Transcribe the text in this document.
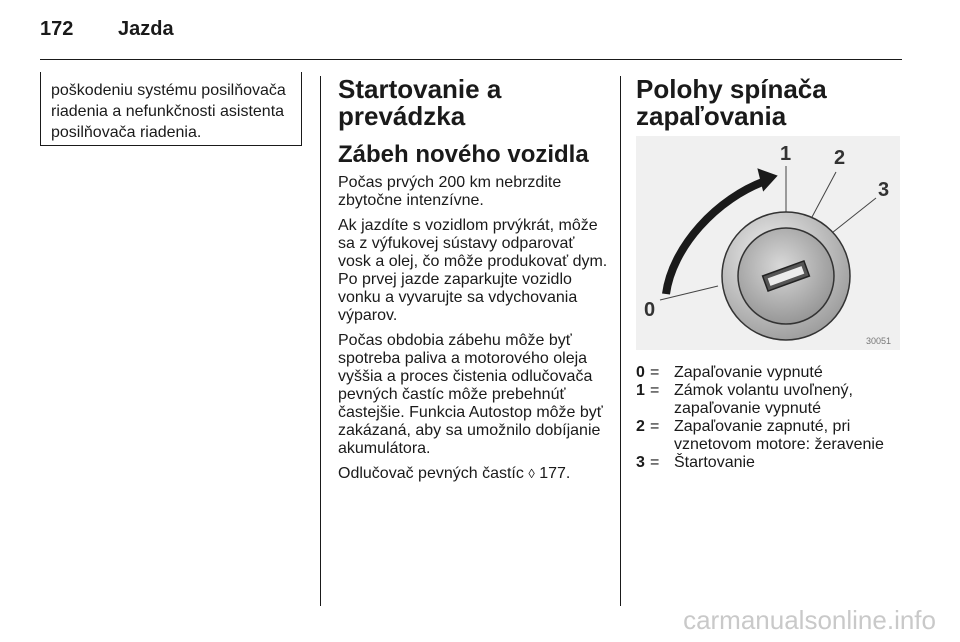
172 Jazda
poškodeniu systému posilňovača
riadenia a nefunkčnosti asistenta
posilňovača riadenia.
Startovanie a
prevádzka
Zábeh nového vozidla
Počas prvých 200 km nebrzdite
zbytočne intenzívne.
Ak jazdíte s vozidlom prvýkrát, môže
sa z výfukovej sústavy odparovať
vosk a olej, čo môže produkovať dym.
Po prvej jazde zaparkujte vozidlo
vonku a vyvarujte sa vdychovania
výparov.
Počas obdobia zábehu môže byť
spotreba paliva a motorového oleja
vyššia a proces čistenia odlučovača
pevných častíc môže prebehnúť
častejšie. Funkcia Autostop môže byť
zakázaná, aby sa umožnilo dobíjanie
akumulátora.
Odlučovač pevných častíc ◊ 177.
Polohy spínača
zapaľovania
1 2
3
0
30051
0 = Zapaľovanie vypnuté
1 = Zámok volantu uvoľnený,
zapaľovanie vypnuté
2 = Zapaľovanie zapnuté, pri
vznetovom motore: žeravenie
3 = Štartovanie
carmanualsonline.info
